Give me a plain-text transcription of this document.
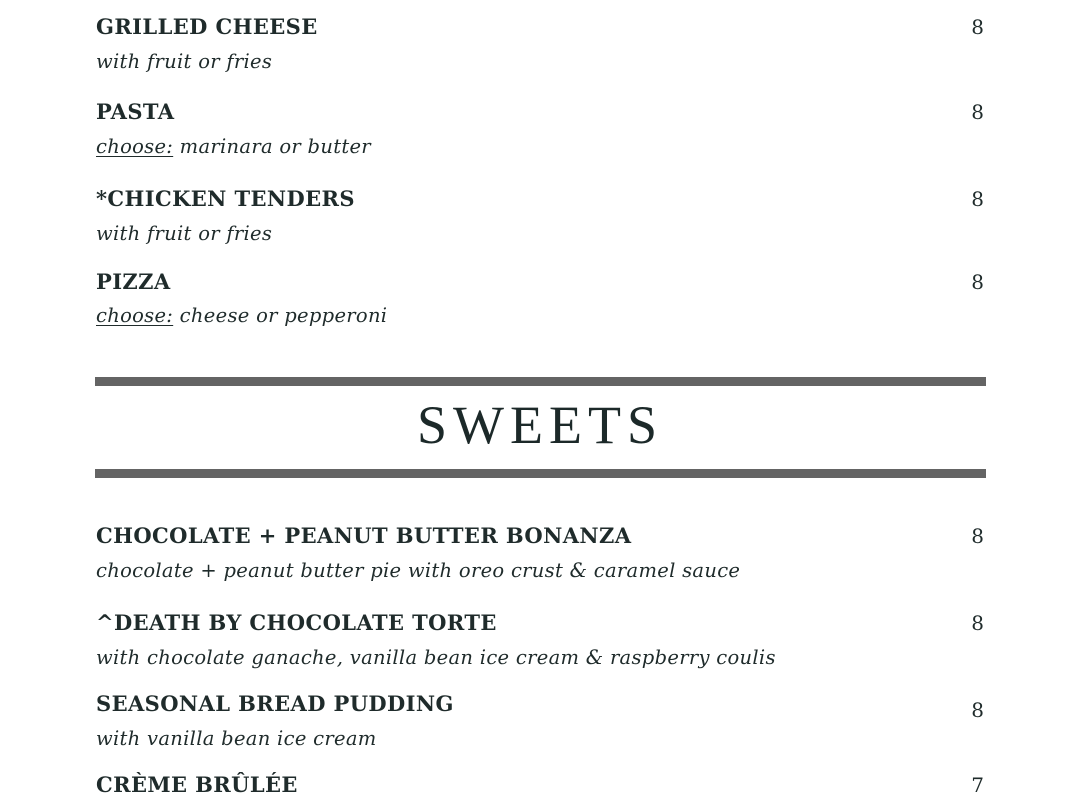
GRILLED CHEESE	8
with fruit or fries
PASTA	8
choose: marinara or butter
*CHICKEN TENDERS	8
with fruit or fries
PIZZA	8
choose: cheese or pepperoni
SWEETS
CHOCOLATE + PEANUT BUTTER BONANZA	8
chocolate + peanut butter pie with oreo crust & caramel sauce
^DEATH BY CHOCOLATE TORTE	8
with chocolate ganache, vanilla bean ice cream & raspberry coulis
SEASONAL BREAD PUDDING	8
with vanilla bean ice cream
CRÈME BRÛLÉE	7
